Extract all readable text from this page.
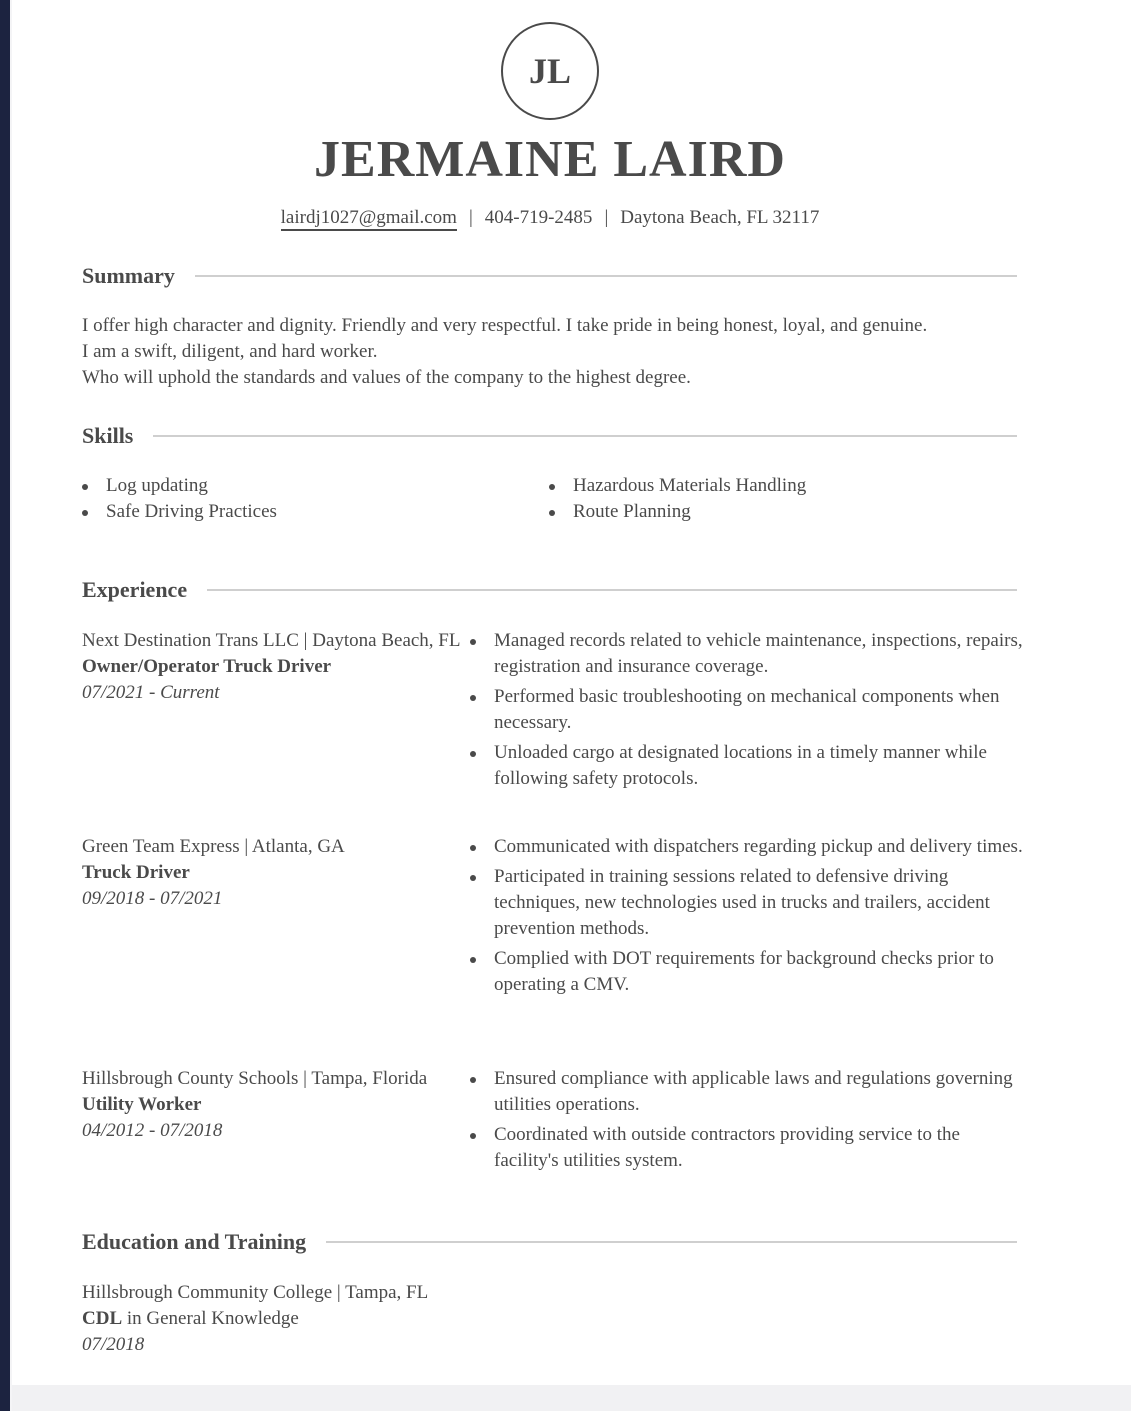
JL
JERMAINE LAIRD
lairdj1027@gmail.com | 404-719-2485 | Daytona Beach, FL 32117
Summary
I offer high character and dignity. Friendly and very respectful. I take pride in being honest, loyal, and genuine.
I am a swift, diligent, and hard worker.
Who will uphold the standards and values of the company to the highest degree.
Skills
Log updating
Safe Driving Practices
Hazardous Materials Handling
Route Planning
Experience
Next Destination Trans LLC | Daytona Beach, FL
Owner/Operator Truck Driver
07/2021 - Current
Managed records related to vehicle maintenance, inspections, repairs, registration and insurance coverage.
Performed basic troubleshooting on mechanical components when necessary.
Unloaded cargo at designated locations in a timely manner while following safety protocols.
Green Team Express | Atlanta, GA
Truck Driver
09/2018 - 07/2021
Communicated with dispatchers regarding pickup and delivery times.
Participated in training sessions related to defensive driving techniques, new technologies used in trucks and trailers, accident prevention methods.
Complied with DOT requirements for background checks prior to operating a CMV.
Hillsbrough County Schools | Tampa, Florida
Utility Worker
04/2012 - 07/2018
Ensured compliance with applicable laws and regulations governing utilities operations.
Coordinated with outside contractors providing service to the facility's utilities system.
Education and Training
Hillsbrough Community College | Tampa, FL
CDL in General Knowledge
07/2018
